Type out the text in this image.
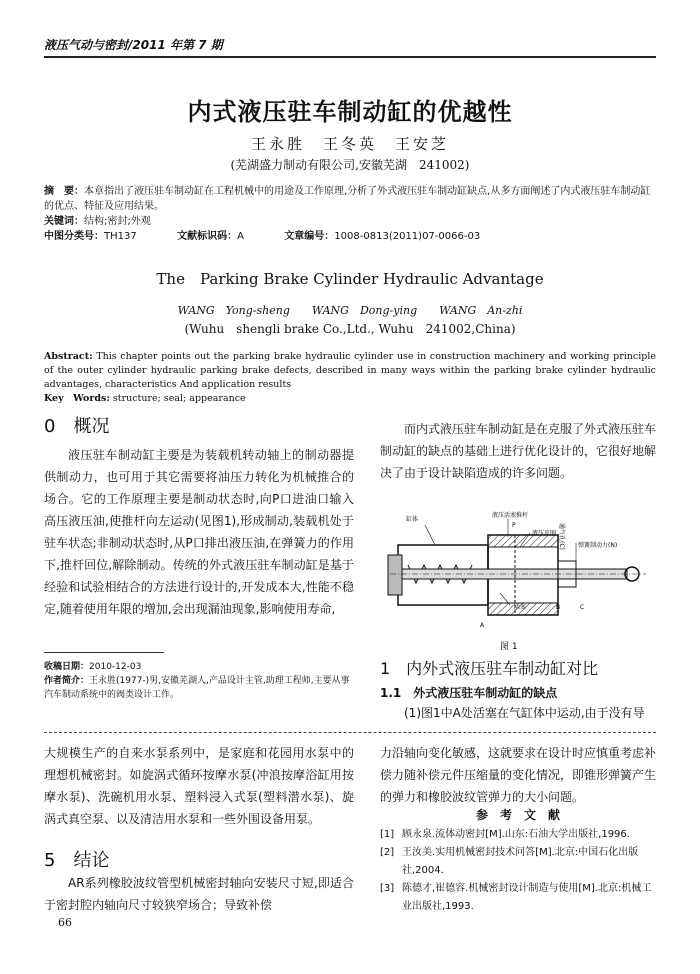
液压气动与密封/2011 年第 7 期
内式液压驻车制动缸的优越性
王永胜　王冬英　王安芝
(芜湖盛力制动有限公司,安徽芜湖　241002)
摘　要：本章指出了液压驻车制动缸在工程机械中的用途及工作原理,分析了外式液压驻车制动缸缺点,从多方面阐述了内式液压驻车制动缸的优点、特征及应用结果。
关键词：结构;密封;外观
中图分类号：TH137	文献标识码：A	文章编号：1008-0813(2011)07-0066-03
The　Parking Brake Cylinder Hydraulic Advantage
WANG　Yong-sheng　　WANG　Dong-ying　　WANG　An-zhi
(Wuhu　shengli brake Co.,Ltd., Wuhu　241002,China)
Abstract: This chapter points out the parking brake hydraulic cylinder use in construction machinery and working principle of the outer cylinder hydraulic parking brake defects, described in many ways within the parking brake cylinder hydraulic advantages, characteristics And application results
Key　Words: structure; seal; appearance
0　概况
液压驻车制动缸主要是为装载机转动轴上的制动器提供制动力，也可用于其它需要将油压力转化为机械推合的场合。它的工作原理主要是制动状态时,向P口进油口输入高压液压油,使推杆向左运动(见图1),形成制动,装载机处于驻车状态;非制动状态时,从P口排出液压油,在弹簧力的作用下,推杆回位,解除制动。传统的外式液压驻车制动缸是基于经验和试验相结合的方法进行设计的,开发成本大,性能不稳定,随着使用年限的增加,会出现漏油现象,影响使用寿命,
收稿日期：2010-12-03
作者简介：王永胜(1977-)男,安徽芜湖人,产品设计主管,助理工程师,主要从事汽车制动系统中的阀类设计工作。
而内式液压驻车制动缸是在克服了外式液压驻车制动缸的缺点的基础上进行优化设计的，它很好地解决了由于设计缺陷造成的许多问题。
缸体
液压活塞推杆
液压皮圈
弹簧制动力(N)
通气孔(C)
P
活塞
A
B	C
图 1
1　内外式液压驻车制动缸对比
1.1　外式液压驻车制动缸的缺点
(1)图1中A处活塞在气缸体中运动,由于没有导
大规模生产的自来水泵系列中，是家庭和花园用水泵中的理想机械密封。如旋涡式循环按摩水泵(冲浪按摩浴缸用按摩水泵)、洗碗机用水泵、塑料浸入式泵(塑料潜水泵)、旋涡式真空泵、以及清洁用水泵和一些外围设备用泵。
5　结论
AR系列橡胶波纹管型机械密封轴向安装尺寸短,即适合于密封腔内轴向尺寸较狭窄场合；导致补偿
力沿轴向变化敏感，这就要求在设计时应慎重考虑补偿力随补偿元件压缩量的变化情况，即锥形弹簧产生的弹力和橡胶波纹管弹力的大小问题。
参　考　文　献
[1] 顾永泉.流体动密封[M].山东:石油大学出版社,1996.
[2] 王汝美.实用机械密封技术问答[M].北京:中国石化出版社,2004.
[3] 陈德才,崔德容.机械密封设计制造与使用[M].北京:机械工业出版社,1993.
66
